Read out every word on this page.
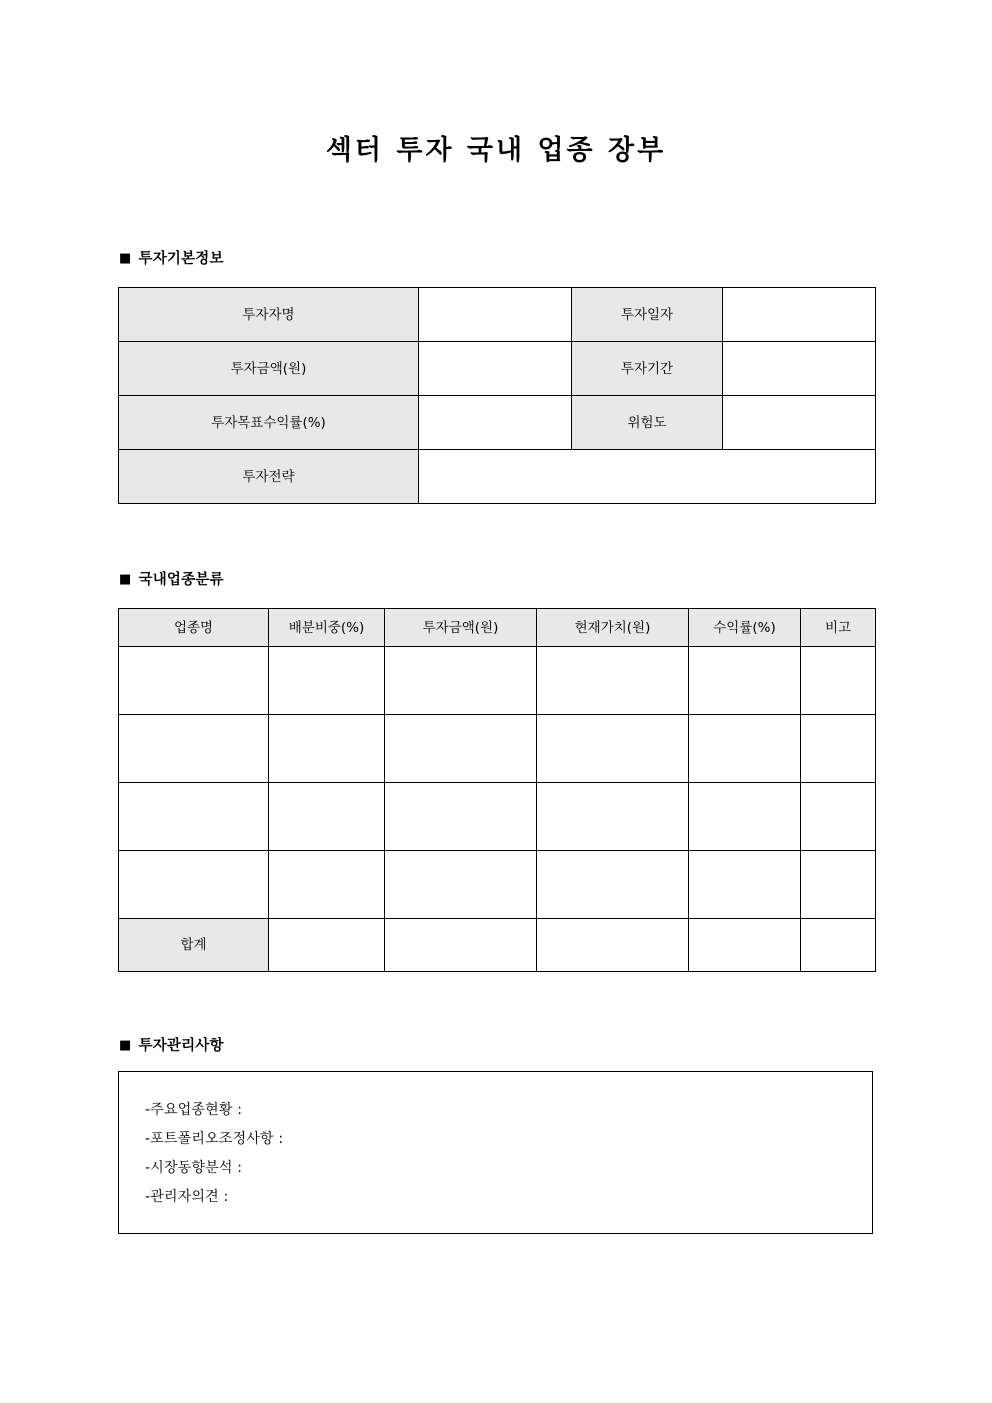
섹터 투자 국내 업종 장부
■ 투자기본정보
투자자명		투자일자	
투자금액(원)		투자기간	
투자목표수익률(%)		위험도	
투자전략			
■ 국내업종분류
업종명	배분비중(%)	투자금액(원)	현재가치(원)	수익률(%)	비고

합계					
■ 투자관리사항
-주요업종현황 :
-포트폴리오조정사항 :
-시장동향분석 :
-관리자의견 :
